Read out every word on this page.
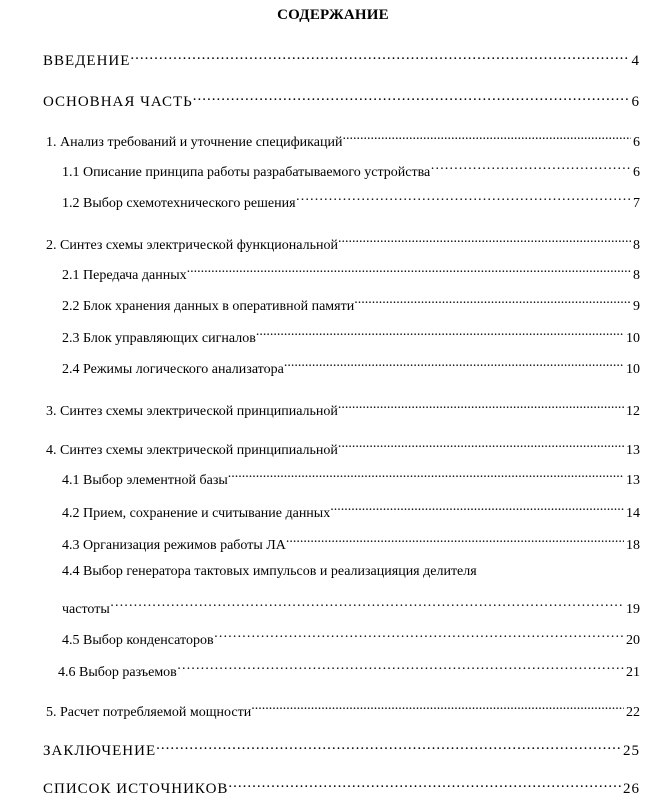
СОДЕРЖАНИЕ
ВВЕДЕНИЕ .....	4
ОСНОВНАЯ ЧАСТЬ .....	6
1. Анализ требований и уточнение спецификаций .....	6
1.1 Описание принципа работы разрабатываемого устройства ……………………………………………………………………………………………………………………………………………………………………………	6
1.2 Выбор схемотехнического решения ……………………………………………………………………………………………………………………………………………………………………………	7
2. Синтез схемы электрической функциональной .....	8
2.1 Передача данных .....	8
2.2 Блок хранения данных в оперативной памяти .....	9
2.3 Блок управляющих сигналов .....	10
2.4 Режимы логического анализатора .....	10
3. Синтез схемы электрической принципиальной .....	12
4. Синтез схемы электрической принципиальной .....	13
4.1 Выбор элементной базы .....	13
4.2 Прием, сохранение и считывание данных .....	14
4.3 Организация режимов работы ЛА .....	18
4.4 Выбор генератора тактовых импульсов и реализацияция делителя
частоты ……………………………………………………………………………………………………………………………………………………………………………	19
4.5 Выбор конденсаторов ……………………………………………………………………………………………………………………………………………………………………………	20
4.6 Выбор разъемов ……………………………………………………………………………………………………………………………………………………………………………	21
5. Расчет потребляемой мощности .....	22
ЗАКЛЮЧЕНИЕ .....	25
СПИСОК ИСТОЧНИКОВ .....	26
